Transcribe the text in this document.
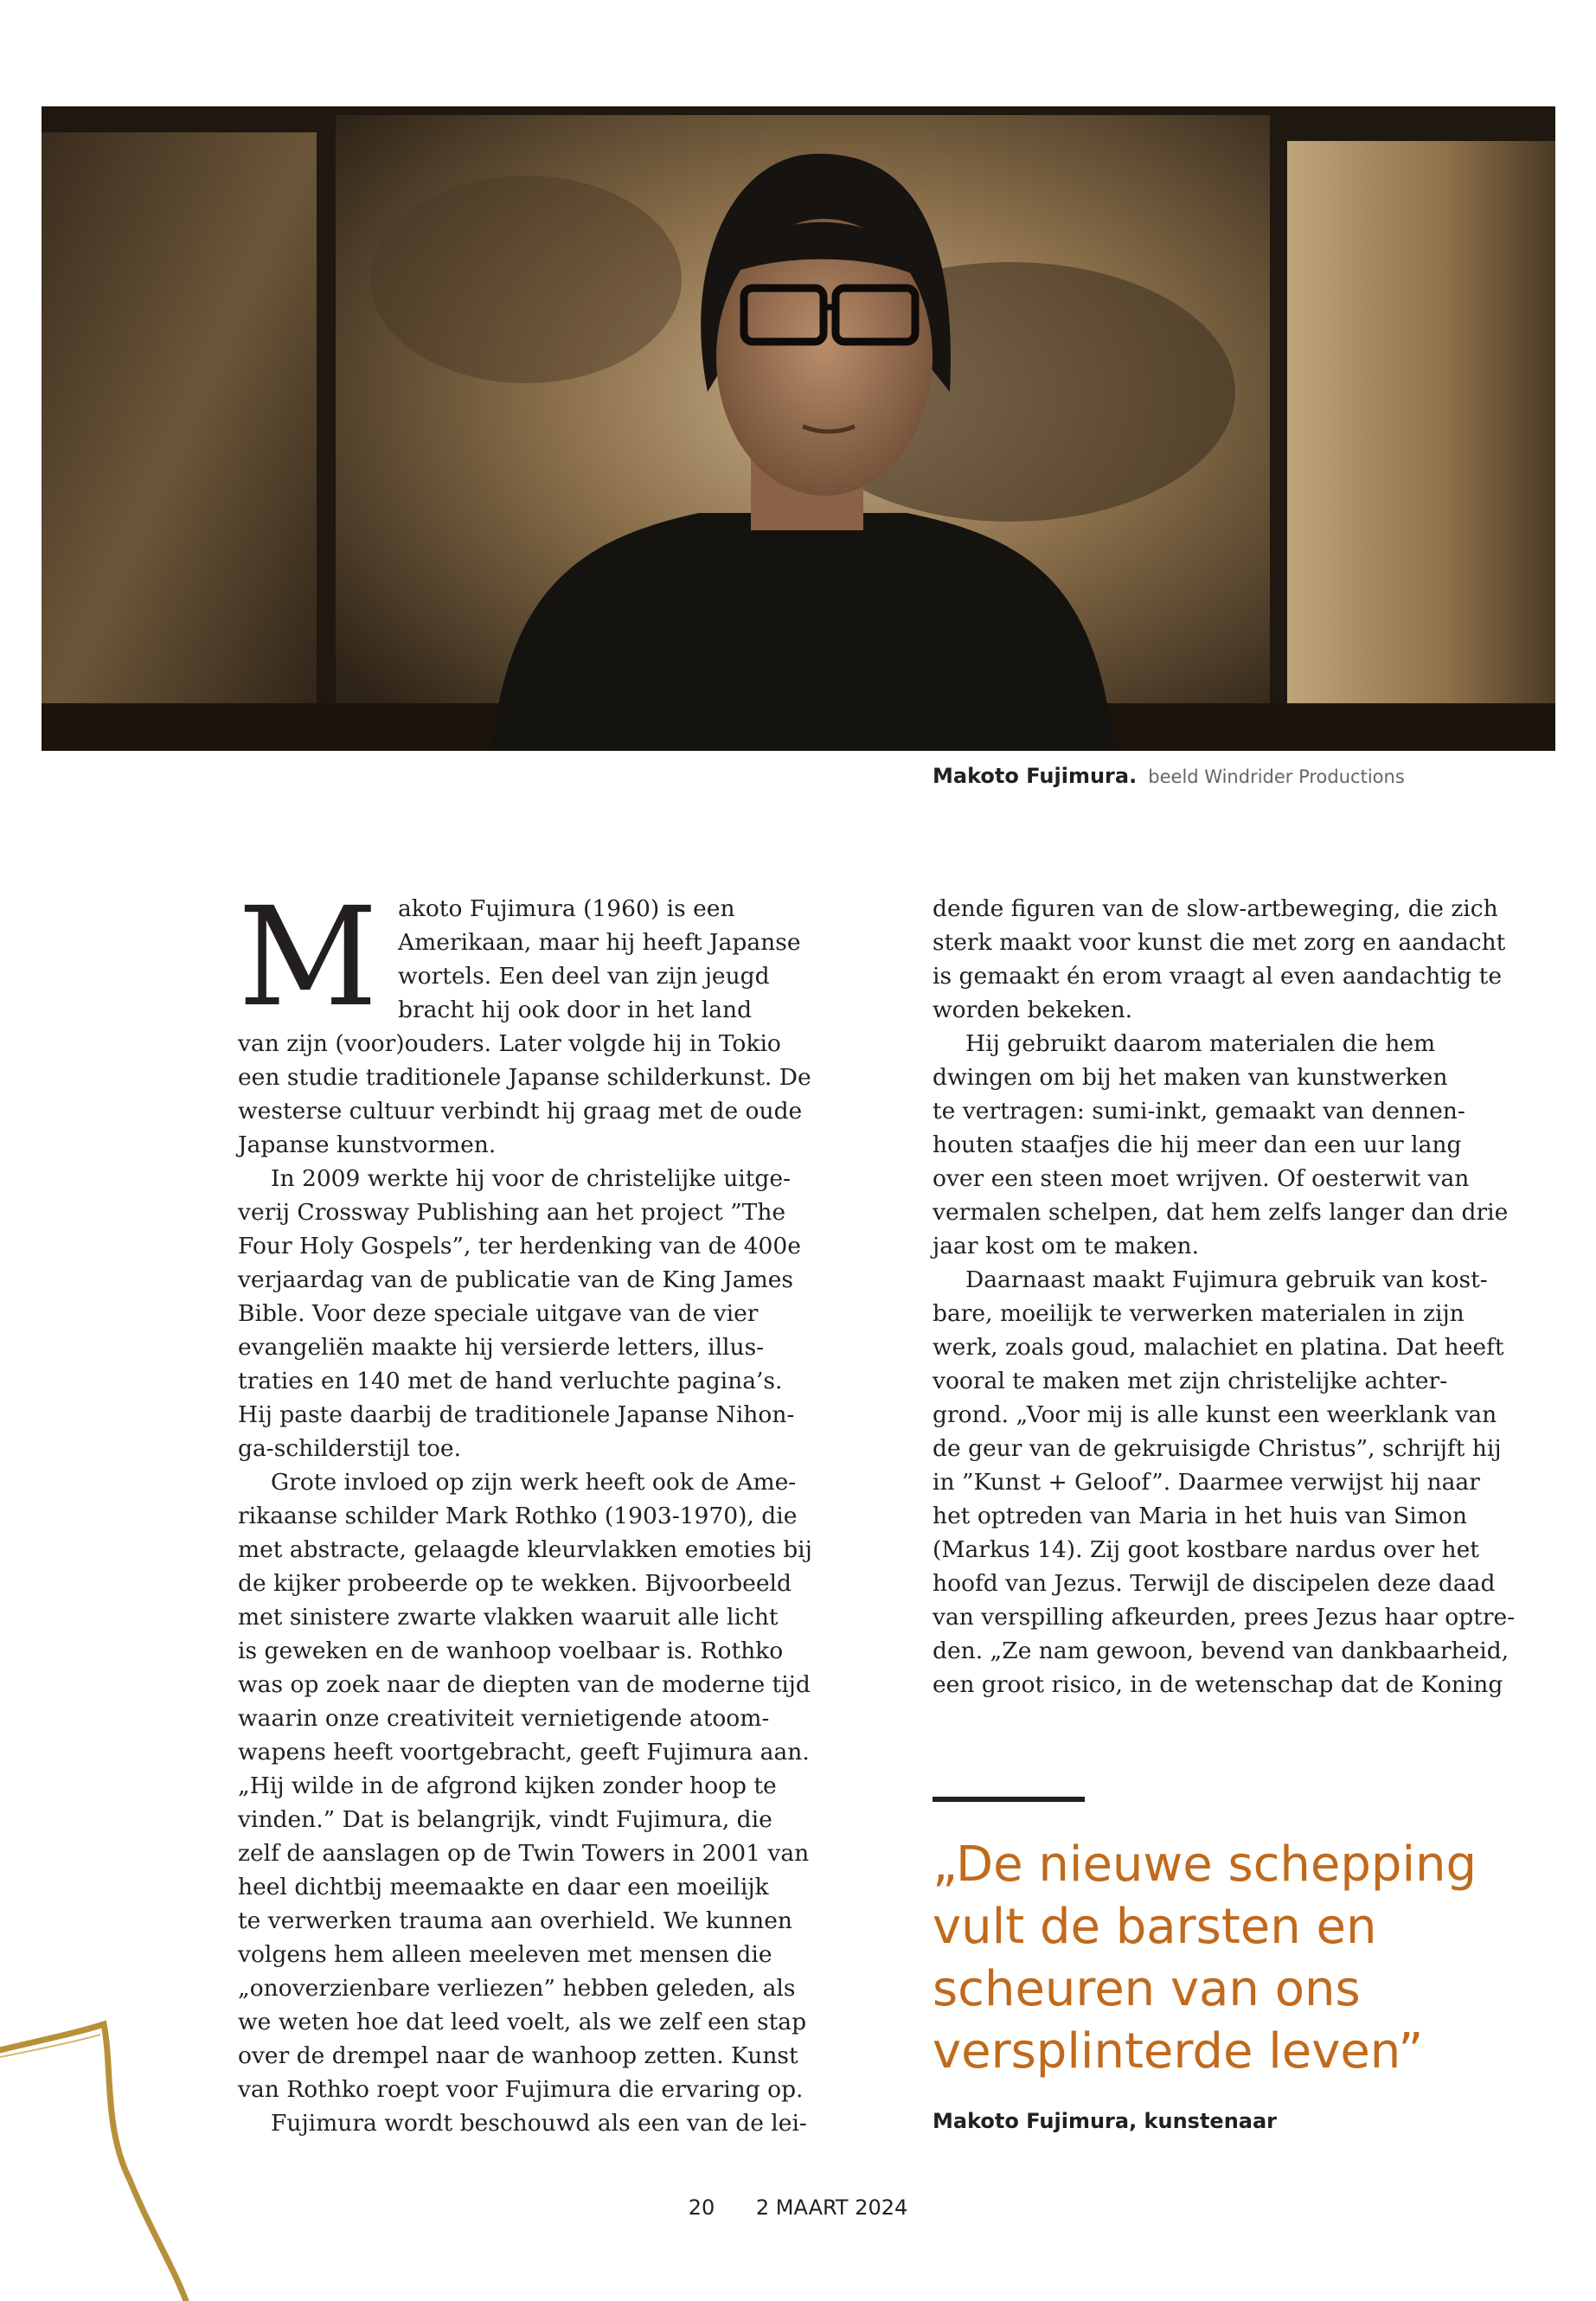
Makoto Fujimura. beeld Windrider Productions
M akoto Fujimura (1960) is een

Amerikaan, maar hij heeft Japanse

wortels. Een deel van zijn jeugd

bracht hij ook door in het land

van zijn (voor)ouders. Later volgde hij in Tokio

een studie traditionele Japanse schilderkunst. De

westerse cultuur verbindt hij graag met de oude

Japanse kunstvormen.

In 2009 werkte hij voor de christelijke uitge-

verij Crossway Publishing aan het project ”The

Four Holy Gospels”, ter herdenking van de 400e

verjaardag van de publicatie van de King James

Bible. Voor deze speciale uitgave van de vier

evangeliën maakte hij versierde letters, illus-

traties en 140 met de hand verluchte pagina’s.

Hij paste daarbij de traditionele Japanse Nihon-

ga-schilderstijl toe.

Grote invloed op zijn werk heeft ook de Ame-

rikaanse schilder Mark Rothko (1903-1970), die

met abstracte, gelaagde kleurvlakken emoties bij

de kijker probeerde op te wekken. Bijvoorbeeld

met sinistere zwarte vlakken waaruit alle licht

is geweken en de wanhoop voelbaar is. Rothko

was op zoek naar de diepten van de moderne tijd

waarin onze creativiteit vernietigende atoom-

wapens heeft voortgebracht, geeft Fujimura aan.

„Hij wilde in de afgrond kijken zonder hoop te

vinden.” Dat is belangrijk, vindt Fujimura, die

zelf de aanslagen op de Twin Towers in 2001 van

heel dichtbij meemaakte en daar een moeilijk

te verwerken trauma aan overhield. We kunnen

volgens hem alleen meeleven met mensen die

„onoverzienbare verliezen” hebben geleden, als

we weten hoe dat leed voelt, als we zelf een stap

over de drempel naar de wanhoop zetten. Kunst

van Rothko roept voor Fujimura die ervaring op.

Fujimura wordt beschouwd als een van de lei-

dende figuren van de slow-artbeweging, die zich

sterk maakt voor kunst die met zorg en aandacht

is gemaakt én erom vraagt al even aandachtig te

worden bekeken.

Hij gebruikt daarom materialen die hem

dwingen om bij het maken van kunstwerken

te vertragen: sumi-inkt, gemaakt van dennen-

houten staafjes die hij meer dan een uur lang

over een steen moet wrijven. Of oesterwit van

vermalen schelpen, dat hem zelfs langer dan drie

jaar kost om te maken.

Daarnaast maakt Fujimura gebruik van kost-

bare, moeilijk te verwerken materialen in zijn

werk, zoals goud, malachiet en platina. Dat heeft

vooral te maken met zijn christelijke achter-

grond. „Voor mij is alle kunst een weerklank van

de geur van de gekruisigde Christus”, schrijft hij

in ”Kunst + Geloof”. Daarmee verwijst hij naar

het optreden van Maria in het huis van Simon

(Markus 14). Zij goot kostbare nardus over het

hoofd van Jezus. Terwijl de discipelen deze daad

van verspilling afkeurden, prees Jezus haar optre-

den. „Ze nam gewoon, bevend van dankbaarheid,

een groot risico, in de wetenschap dat de Koning

„De nieuwe schepping

vult de barsten en

scheuren van ons

versplinterde leven”

Makoto Fujimura, kunstenaar
20 2 MAART 2024
